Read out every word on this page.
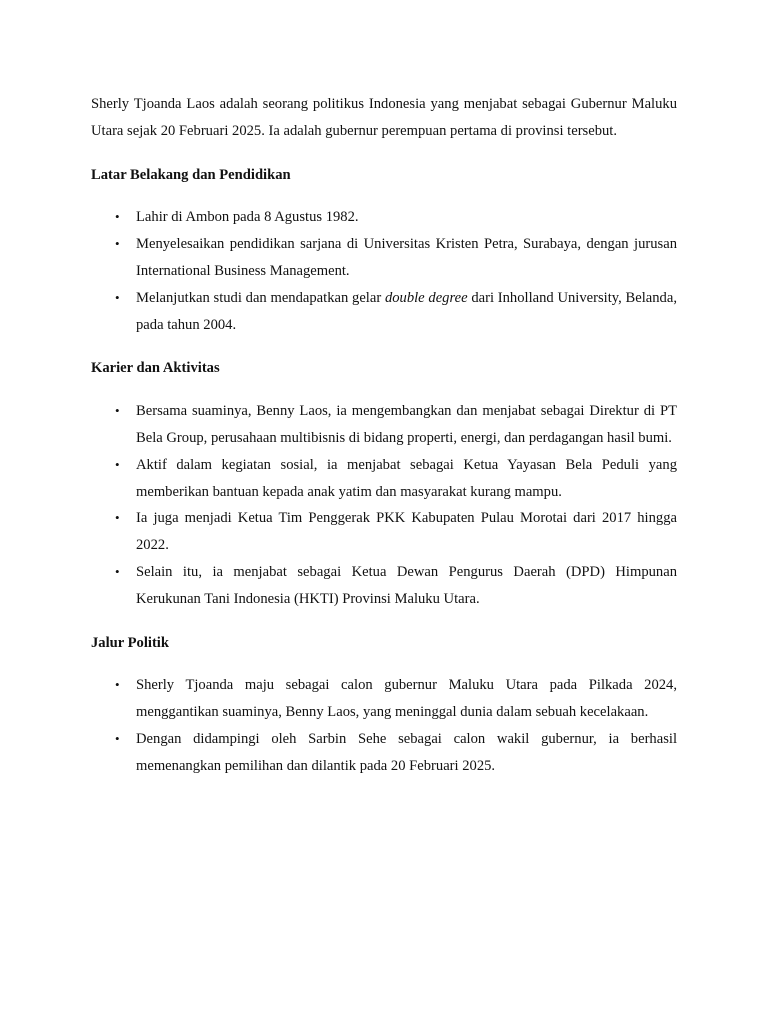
Sherly Tjoanda Laos adalah seorang politikus Indonesia yang menjabat sebagai Gubernur Maluku Utara sejak 20 Februari 2025. Ia adalah gubernur perempuan pertama di provinsi tersebut.

Latar Belakang dan Pendidikan
• Lahir di Ambon pada 8 Agustus 1982.
• Menyelesaikan pendidikan sarjana di Universitas Kristen Petra, Surabaya, dengan jurusan International Business Management.
• Melanjutkan studi dan mendapatkan gelar double degree dari Inholland University, Belanda, pada tahun 2004.
Karier dan Aktivitas
• Bersama suaminya, Benny Laos, ia mengembangkan dan menjabat sebagai Direktur di PT Bela Group, perusahaan multibisnis di bidang properti, energi, dan perdagangan hasil bumi.
• Aktif dalam kegiatan sosial, ia menjabat sebagai Ketua Yayasan Bela Peduli yang memberikan bantuan kepada anak yatim dan masyarakat kurang mampu.
• Ia juga menjadi Ketua Tim Penggerak PKK Kabupaten Pulau Morotai dari 2017 hingga 2022.
• Selain itu, ia menjabat sebagai Ketua Dewan Pengurus Daerah (DPD) Himpunan Kerukunan Tani Indonesia (HKTI) Provinsi Maluku Utara.
Jalur Politik
• Sherly Tjoanda maju sebagai calon gubernur Maluku Utara pada Pilkada 2024, menggantikan suaminya, Benny Laos, yang meninggal dunia dalam sebuah kecelakaan.
• Dengan didampingi oleh Sarbin Sehe sebagai calon wakil gubernur, ia berhasil memenangkan pemilihan dan dilantik pada 20 Februari 2025.
